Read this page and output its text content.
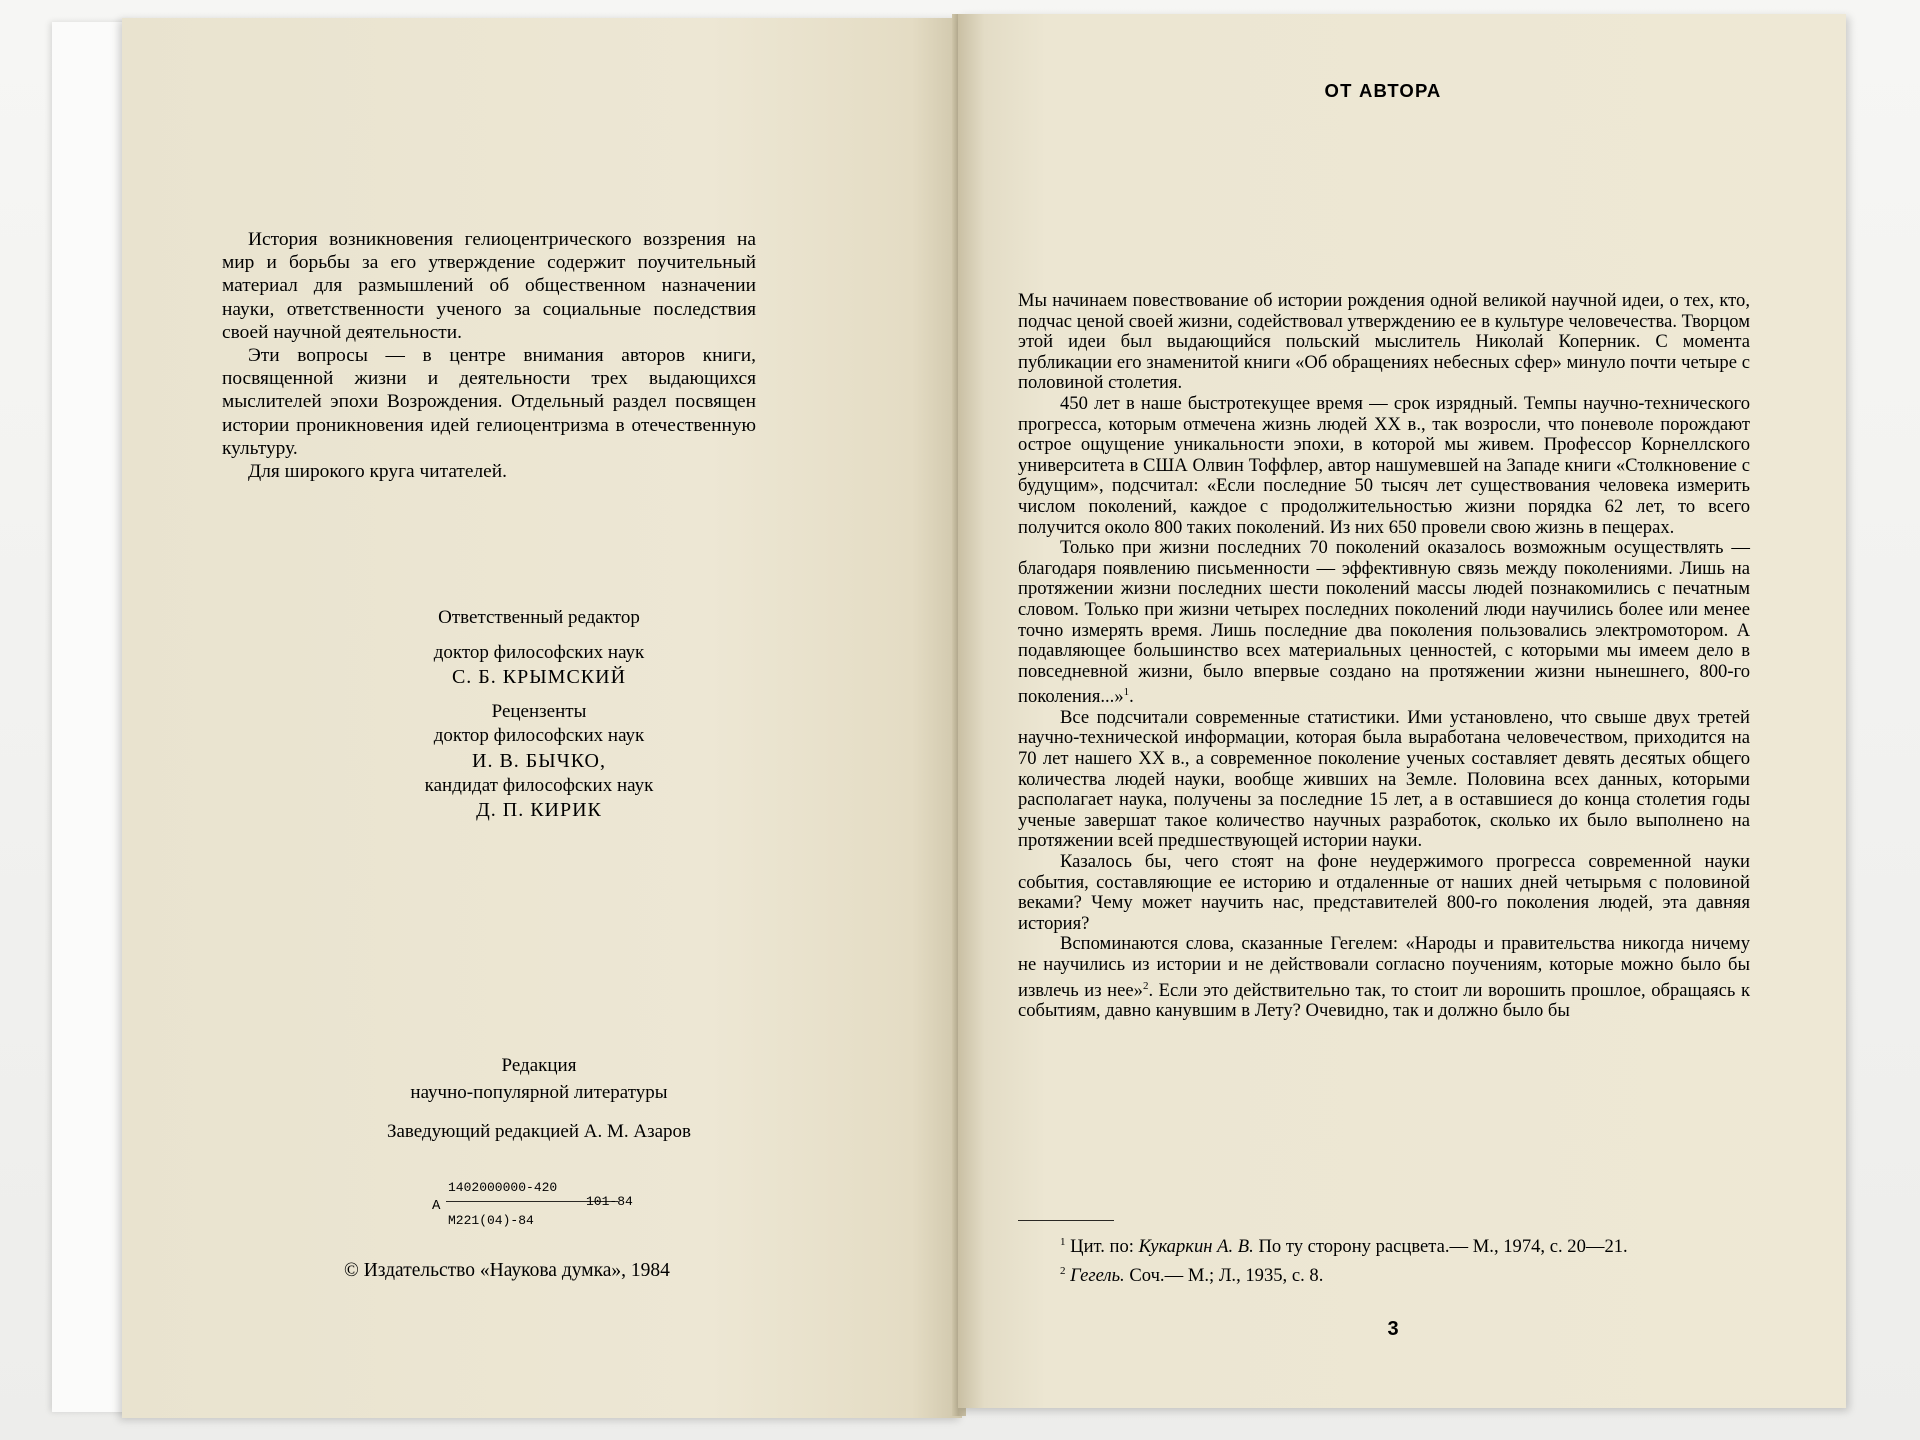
История возникновения гелиоцентрического воззрения на мир и борьбы за его утверждение содержит поучительный материал для размышлений об общественном назначении науки, ответственности ученого за социальные последствия своей научной деятельности.

Эти вопросы — в центре внимания авторов книги, посвященной жизни и деятельности трех выдающихся мыслителей эпохи Возрождения. Отдельный раздел посвящен истории проникновения идей гелиоцентризма в отечественную культуру.

Для широкого круга читателей.

Ответственный редактор
доктор философских наук
С. Б. КРЫМСКИЙ
Рецензенты
доктор философских наук
И. В. БЫЧКО,
кандидат философских наук
Д. П. КИРИК
Редакция
научно-популярной литературы
Заведующий редакцией А. М. Азаров
А
1402000000-420
М221(04)-84
101-84
© Издательство «Наукова думка», 1984
ОТ АВТОРА

Мы начинаем повествование об истории рождения одной великой научной идеи, о тех, кто, подчас ценой своей жизни, содействовал утверждению ее в культуре человечества. Творцом этой идеи был выдающийся польский мыслитель Николай Коперник. С момента публикации его знаменитой книги «Об обращениях небесных сфер» минуло почти четыре с половиной столетия.

450 лет в наше быстротекущее время — срок изрядный. Темпы научно-технического прогресса, которым отмечена жизнь людей XX в., так возросли, что поневоле порождают острое ощущение уникальности эпохи, в которой мы живем. Профессор Корнеллского университета в США Олвин Тоффлер, автор нашумевшей на Западе книги «Столкновение с будущим», подсчитал: «Если последние 50 тысяч лет существования человека измерить числом поколений, каждое с продолжительностью жизни порядка 62 лет, то всего получится около 800 таких поколений. Из них 650 провели свою жизнь в пещерах.

Только при жизни последних 70 поколений оказалось возможным осуществлять — благодаря появлению письменности — эффективную связь между поколениями. Лишь на протяжении жизни последних шести поколений массы людей познакомились с печатным словом. Только при жизни четырех последних поколений люди научились более или менее точно измерять время. Лишь последние два поколения пользовались электромотором. А подавляющее большинство всех материальных ценностей, с которыми мы имеем дело в повседневной жизни, было впервые создано на протяжении жизни нынешнего, 800-го поколения...»$^1$.

Все подсчитали современные статистики. Ими установлено, что свыше двух третей научно-технической информации, которая была выработана человечеством, приходится на 70 лет нашего XX в., а современное поколение ученых составляет девять десятых общего количества людей науки, вообще живших на Земле. Половина всех данных, которыми располагает наука, получены за последние 15 лет, а в оставшиеся до конца столетия годы ученые завершат такое количество научных разработок, сколько их было выполнено на протяжении всей предшествующей истории науки.

Казалось бы, чего стоят на фоне неудержимого прогресса современной науки события, составляющие ее историю и отдаленные от наших дней четырьмя с половиной веками? Чему может научить нас, представителей 800-го поколения людей, эта давняя история?

Вспоминаются слова, сказанные Гегелем: «Народы и правительства никогда ничему не научились из истории и не действовали согласно поучениям, которые можно было бы извлечь из нее»$^2$. Если это действительно так, то стоит ли ворошить прошлое, обращаясь к событиям, давно канувшим в Лету? Очевидно, так и должно было бы

$^1$ Цит. по: Кукаркин А. В. По ту сторону расцвета.— М., 1974, с. 20—21.

$^2$ Гегель. Соч.— М.; Л., 1935, с. 8.

3
